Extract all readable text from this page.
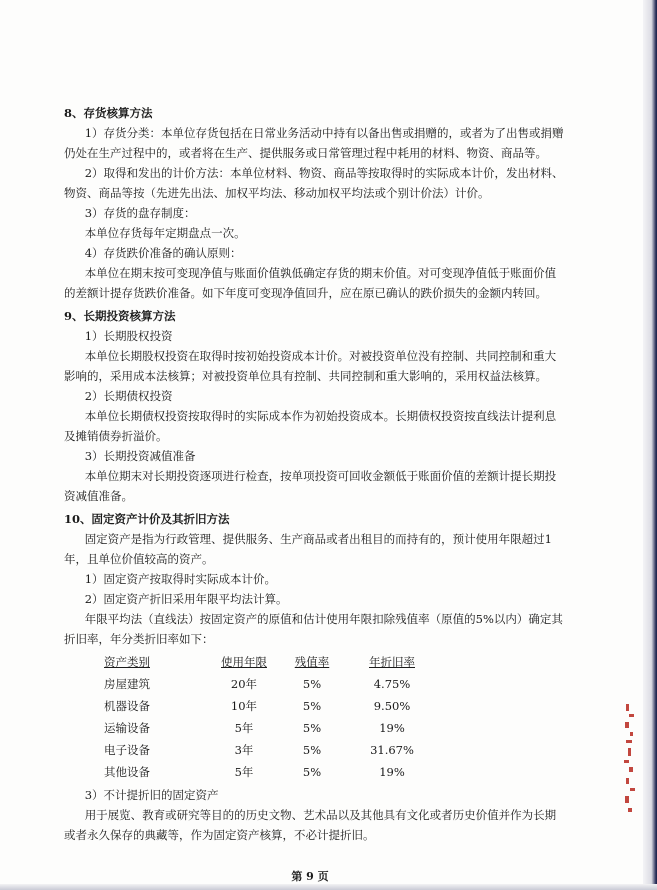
8、存货核算方法
1）存货分类：本单位存货包括在日常业务活动中持有以备出售或捐赠的，或者为了出售或捐赠仍处在生产过程中的，或者将在生产、提供服务或日常管理过程中耗用的材料、物资、商品等。
2）取得和发出的计价方法：本单位材料、物资、商品等按取得时的实际成本计价，发出材料、物资、商品等按（先进先出法、加权平均法、移动加权平均法或个别计价法）计价。
3）存货的盘存制度：
本单位存货每年定期盘点一次。
4）存货跌价准备的确认原则：
本单位在期末按可变现净值与账面价值孰低确定存货的期末价值。对可变现净值低于账面价值的差额计提存货跌价准备。如下年度可变现净值回升，应在原已确认的跌价损失的金额内转回。
9、长期投资核算方法
1）长期股权投资
本单位长期股权投资在取得时按初始投资成本计价。对被投资单位没有控制、共同控制和重大影响的，采用成本法核算；对被投资单位具有控制、共同控制和重大影响的，采用权益法核算。
2）长期债权投资
本单位长期债权投资按取得时的实际成本作为初始投资成本。长期债权投资按直线法计提利息及摊销债券折溢价。
3）长期投资减值准备
本单位期末对长期投资逐项进行检查，按单项投资可回收金额低于账面价值的差额计提长期投资减值准备。
10、固定资产计价及其折旧方法
固定资产是指为行政管理、提供服务、生产商品或者出租目的而持有的，预计使用年限超过1年，且单位价值较高的资产。
1）固定资产按取得时实际成本计价。
2）固定资产折旧采用年限平均法计算。
年限平均法（直线法）按固定资产的原值和估计使用年限扣除残值率（原值的5%以内）确定其折旧率，年分类折旧率如下：
资产类别	使用年限	残值率	年折旧率
房屋建筑	20年	5%	4.75%
机器设备	10年	5%	9.50%
运输设备	5年	5%	19%
电子设备	3年	5%	31.67%
其他设备	5年	5%	19%
3）不计提折旧的固定资产
用于展览、教育或研究等目的的历史文物、艺术品以及其他具有文化或者历史价值并作为长期或者永久保存的典藏等，作为固定资产核算，不必计提折旧。
第 9 页
